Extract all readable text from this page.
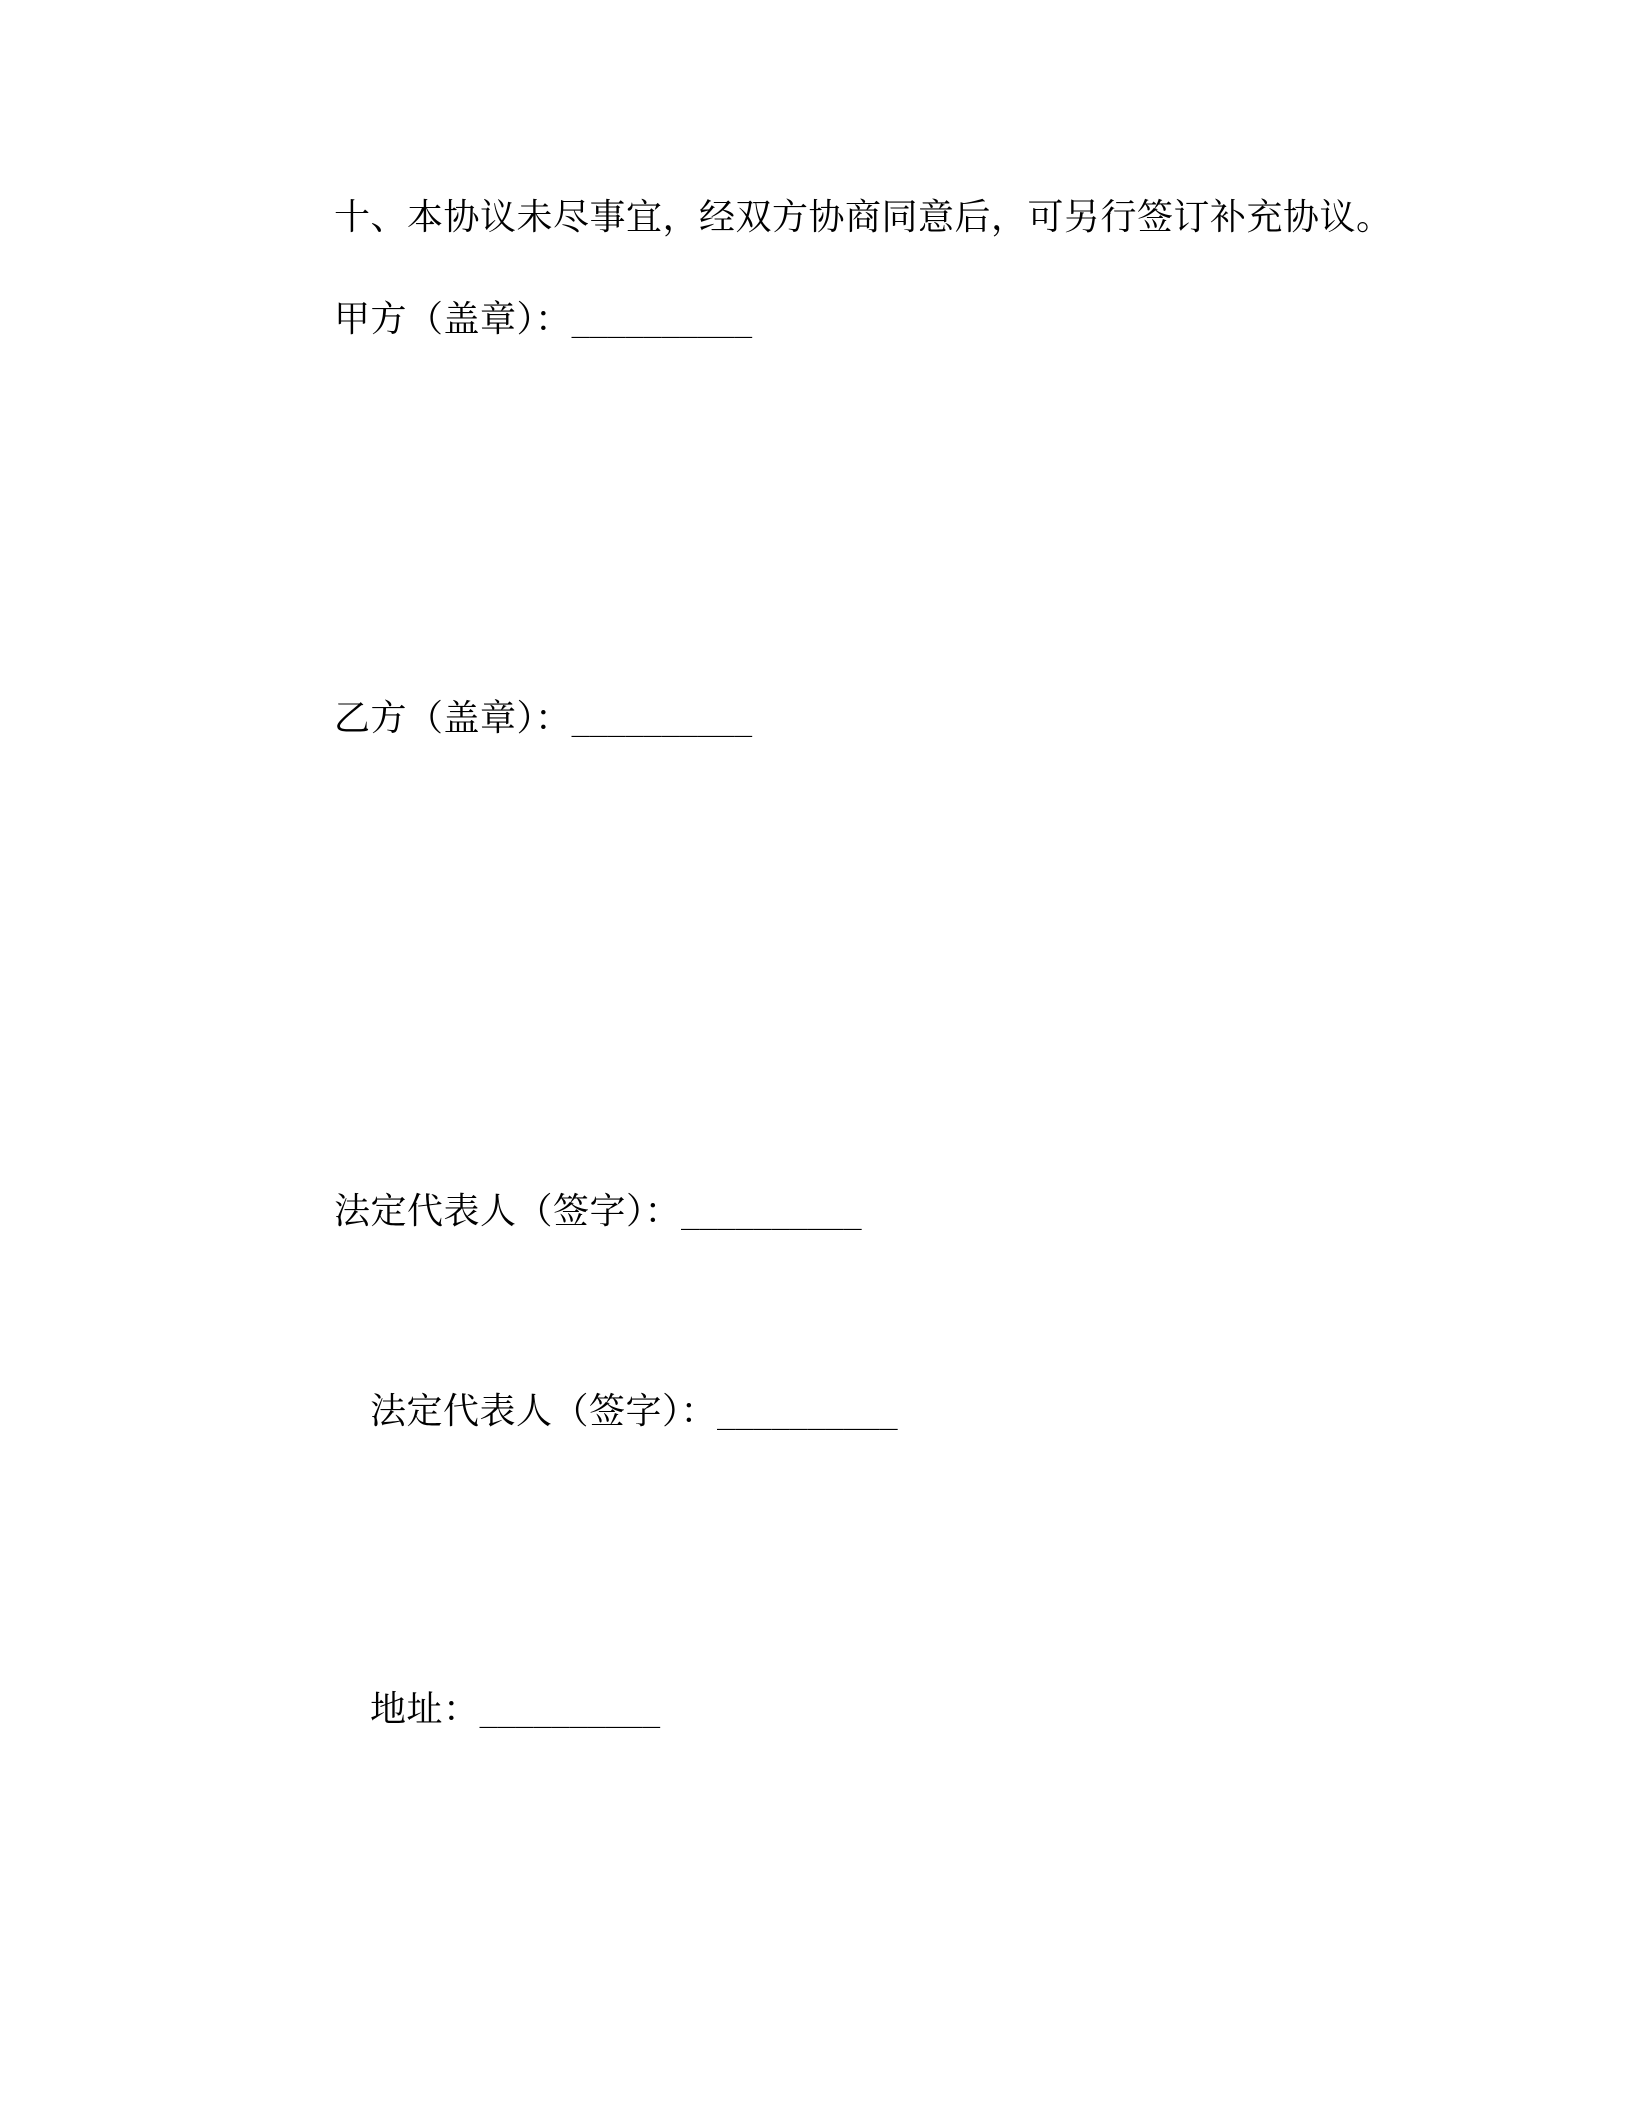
十、本协议未尽事宜，经双方协商同意后，可另行签订补充协议。
甲方（盖章）：__________
乙方（盖章）：__________
法定代表人（签字）：__________
法定代表人（签字）：__________
地址：__________
